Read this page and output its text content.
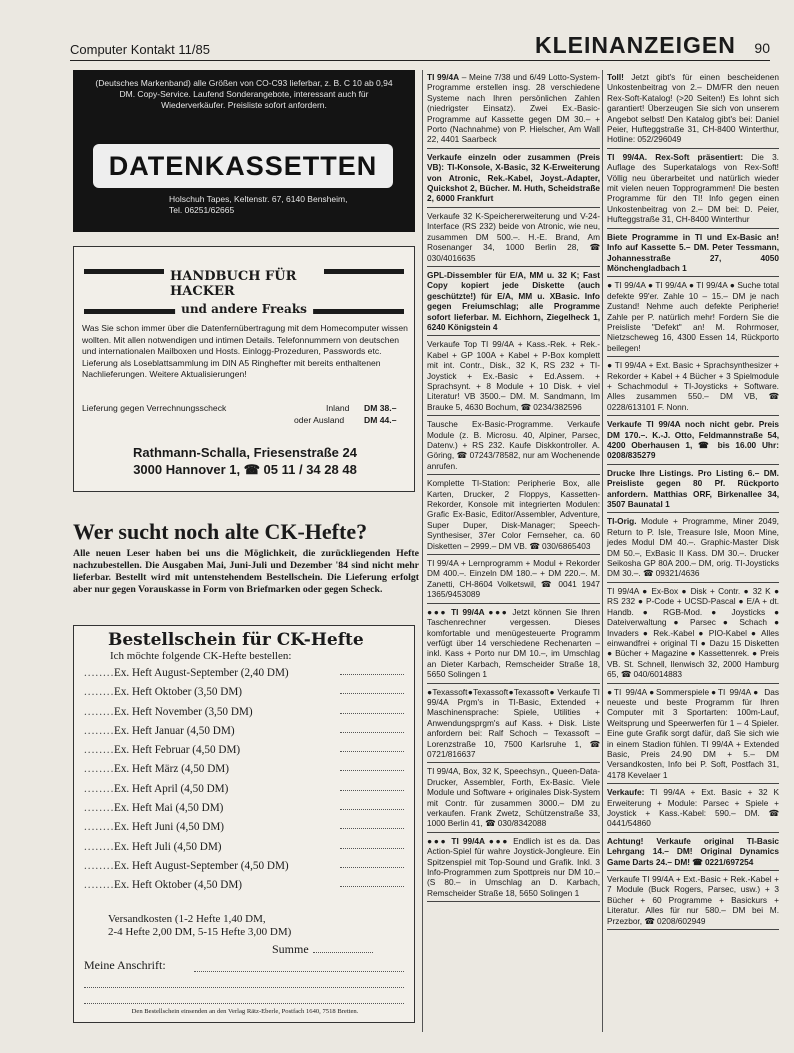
Computer Kontakt 11/85	KLEINANZEIGEN 90
(Deutsches Markenband) alle Größen von CO-C93 lieferbar, z. B. C 10 ab 0,94 DM. Copy-Service. Laufend Sonderangebote, interessant auch für Wiederverkäufer. Preisliste sofort anfordern.
DATENKASSETTEN
Holschuh Tapes, Keltenstr. 67, 6140 Bensheim,
Tel. 06251/62665
HANDBUCH FÜR HACKER
und andere Freaks
Was Sie schon immer über die Datenfernübertragung mit dem Homecomputer wissen wollten. Mit allen notwendigen und intimen Details. Telefonnummern von deutschen und internationalen Mailboxen und Hosts. Einlogg-Prozeduren, Passwords etc. Lieferung als Loseblattsammlung im DIN A5 Ringhefter mit bereits enthaltenen Nachlieferungen. Weitere Aktualisierungen!
Lieferung gegen Verrechnungsscheck	Inland DM 38.–
oder Ausland DM 44.–
Rathmann-Schalla, Friesenstraße 24
3000 Hannover 1, ☎ 05 11 / 34 28 48
Wer sucht noch alte CK-Hefte?

Alle neuen Leser haben bei uns die Möglichkeit, die zurückliegenden Hefte nachzubestellen. Die Ausgaben Mai, Juni-Juli und Dezember '84 sind nicht mehr lieferbar. Bestellt wird mit untenstehendem Bestellschein. Die Lieferung erfolgt aber nur gegen Vorauskasse in Form von Briefmarken oder gegen Scheck.

Bestellschein für CK-Hefte
Ich möchte folgende CK-Hefte bestellen:
........ Ex. Heft August-September (2,40 DM)
........ Ex. Heft Oktober (3,50 DM)
........ Ex. Heft November (3,50 DM)
........ Ex. Heft Januar (4,50 DM)
........ Ex. Heft Februar (4,50 DM)
........ Ex. Heft März (4,50 DM)
........ Ex. Heft April (4,50 DM)
........ Ex. Heft Mai (4,50 DM)
........ Ex. Heft Juni (4,50 DM)
........ Ex. Heft Juli (4,50 DM)
........ Ex. Heft August-September (4,50 DM)
........ Ex. Heft Oktober (4,50 DM)
Versandkosten (1-2 Hefte 1,40 DM,
2-4 Hefte 2,00 DM, 5-15 Hefte 3,00 DM)
Summe
Meine Anschrift:
Den Bestellschein einsenden an den Verlag Rätz-Eberle, Postfach 1640, 7518 Bretten.
TI 99/4A – Meine 7/38 und 6/49 Lotto-System-Programme erstellen insg. 28 verschiedene Systeme nach Ihren persönlichen Zahlen (niedrigster Einsatz). Zwei Ex.-Basic-Programme auf Kassette gegen DM 30.– + Porto (Nachnahme) von P. Hielscher, Am Wall 22, 4401 Saarbeck
Verkaufe einzeln oder zusammen (Preis VB): TI-Konsole, X-Basic, 32 K-Erweiterung von Atronic, Rek.-Kabel, Joyst.-Adapter, Quickshot 2, Bücher. M. Huth, Scheidstraße 2, 6000 Frankfurt
Verkaufe 32 K-Speichererweiterung und V-24-Interface (RS 232) beide von Atronic, wie neu, zusammen DM 500.–. H.-E. Brand, Am Rosenanger 34, 1000 Berlin 28, ☎ 030/4016635
GPL-Dissembler für E/A, MM u. 32 K; Fast Copy kopiert jede Diskette (auch geschützte!) für E/A, MM u. XBasic. Info gegen Freiumschlag; alle Programme sofort lieferbar. M. Eichhorn, Ziegelheck 1, 6240 Königstein 4
Verkaufe Top TI 99/4A + Kass.-Rek. + Rek.-Kabel + GP 100A + Kabel + P-Box komplett mit int. Contr., Disk., 32 K, RS 232 + TI-Joystick + Ex.-Basic + Ed.Assem. + Sprachsynt. + 8 Module + 10 Disk. + viel Literatur! VB 3500.– DM. M. Sandmann, Im Brauke 5, 4630 Bochum, ☎ 0234/382596
Tausche Ex-Basic-Programme. Verkaufe Module (z. B. Microsu. 40, Alpiner, Parsec, Datenv.) + RS 232. Kaufe Diskkontroller. A. Göring, ☎ 07243/78582, nur am Wochenende anrufen.
Komplette TI-Station: Peripherie Box, alle Karten, Drucker, 2 Floppys, Kassetten-Rekorder, Konsole mit integrierten Modulen: Grafic Ex-Basic, Editor/Assembler, Adventure, Super Duper, Disk-Manager; Speech-Synthesiser, 37er Color Fernseher, ca. 60 Disketten – 2999.– DM VB. ☎ 030/6865403
TI 99/4A + Lernprogramm + Modul + Rekorder DM 400.–. Einzeln DM 180.– + DM 220.–. M. Zanetti, CH-8604 Volketswil, ☎ 0041 1947 1365/9453089
●●● TI 99/4A ●●● Jetzt können Sie Ihren Taschenrechner vergessen. Dieses komfortable und menügesteuerte Programm verfügt über 14 verschiedene Rechenarten – inkl. Kass + Porto nur DM 10.–, im Umschlag an Dieter Karbach, Remscheider Straße 18, 5650 Solingen 1
●Texassoft●Texassoft●Texassoft● Verkaufe TI 99/4A Prgm's in TI-Basic, Extended + Maschinensprache: Spiele, Utilities + Anwendungsprgm's auf Kass. + Disk. Liste anfordern bei: Ralf Schoch – Texassoft – Lorenzstraße 10, 7500 Karlsruhe 1, ☎ 0721/816637
TI 99/4A, Box, 32 K, Speechsyn., Queen-Data-Drucker, Assembler, Forth, Ex-Basic. Viele Module und Software + originales Disk-System mit Contr. für zusammen 3000.– DM zu verkaufen. Frank Zwetz, Schützenstraße 33, 1000 Berlin 41, ☎ 030/8342088
●●● TI 99/4A ●●● Endlich ist es da. Das Action-Spiel für wahre Joystick-Jongleure. Ein Spitzenspiel mit Top-Sound und Grafik. Inkl. 3 Info-Programmen zum Spottpreis nur DM 10.– (S 80.– in Umschlag an D. Karbach, Remscheider Straße 18, 5650 Solingen 1
Toll! Jetzt gibt's für einen bescheidenen Unkostenbeitrag von 2.– DM/FR den neuen Rex-Soft-Katalog! (>20 Seiten!) Es lohnt sich garantiert! Überzeugen Sie sich von unserem Angebot selbst! Den Katalog gibt's bei: Daniel Peier, Hufteggstraße 31, CH-8400 Winterthur, Hotline: 052/296049
TI 99/4A. Rex-Soft präsentiert: Die 3. Auflage des Superkatalogs von Rex-Soft! Völlig neu überarbeitet und natürlich wieder mit vielen neuen Topprogrammen! Die besten Programme für den TI! Info gegen einen Unkostenbeitrag von 2.– DM bei: D. Peier, Hufteggstraße 31, CH-8400 Winterthur
Biete Programme in TI und Ex-Basic an! Info auf Kassette 5.– DM. Peter Tessmann, Johannesstraße 27, 4050 Mönchengladbach 1
● TI 99/4A ● TI 99/4A ● TI 99/4A ● Suche total defekte 99'er. Zahle 10 – 15.– DM je nach Zustand! Nehme auch defekte Peripherie! Zahle per P. natürlich mehr! Fordern Sie die Preisliste "Defekt" an! M. Rohrmoser, Nietzscheweg 16, 4300 Essen 14, Rückporto beilegen!
● TI 99/4A + Ext. Basic + Sprachsynthesizer + Rekorder + Kabel + 4 Bücher + 3 Spielmodule + Schachmodul + TI-Joysticks + Software. Alles zusammen 550.– DM VB, ☎ 0228/613101 F. Nonn.
Verkaufe TI 99/4A noch nicht gebr. Preis DM 170.–. K.-J. Otto, Feldmannstraße 54, 4200 Oberhausen 1, ☎ bis 16.00 Uhr: 0208/835279
Drucke Ihre Listings. Pro Listing 6.– DM. Preisliste gegen 80 Pf. Rückporto anfordern. Matthias ORF, Birkenallee 34, 3507 Baunatal 1
TI-Orig. Module + Programme, Miner 2049, Return to P. Isle, Treasure Isle, Moon Mine, jedes Modul DM 40.–. Graphic-Master Disk DM 50.–, ExBasic II Kass. DM 30.–. Drucker Seikosha GP 80A 200.– DM, orig. TI-Joysticks DM 30.–. ☎ 09321/4636
TI 99/4A ● Ex-Box ● Disk + Contr. ● 32 K ● RS 232 ● P-Code + UCSD-Pascal ● E/A + dt. Handb. ● RGB-Mod. ● Joysticks ● Dateiverwaltung ● Parsec ● Schach ● Invaders ● Rek.-Kabel ● PIO-Kabel ● Alles einwandfrei + original TI ● Dazu 15 Disketten ● Bücher + Magazine ● Kassettenrek. ● Preis VB. St. Schnell, Ilenwisch 32, 2000 Hamburg 65, ☎ 040/6014883
●TI 99/4A●Sommerspiele●TI 99/4A● Das neueste und beste Programm für Ihren Computer mit 3 Sportarten: 100m-Lauf, Weitsprung und Speerwerfen für 1 – 4 Spieler. Eine gute Grafik sorgt dafür, daß Sie sich wie in einem Stadion fühlen. TI 99/4A + Extended Basic, Preis 24.90 DM + 5.– DM Versandkosten, Info bei P. Soft, Postfach 31, 4178 Kevelaer 1
Verkaufe: TI 99/4A + Ext. Basic + 32 K Erweiterung + Module: Parsec + Spiele + Joystick + Kass.-Kabel: 590.– DM. ☎ 0441/54860
Achtung! Verkaufe original TI-Basic Lehrgang 14.– DM! Original Dynamics Game Darts 24.– DM! ☎ 0221/697254
Verkaufe TI 99/4A + Ext.-Basic + Rek.-Kabel + 7 Module (Buck Rogers, Parsec, usw.) + 3 Bücher + 60 Programme + Basickurs + Literatur. Alles für nur 580.– DM bei M. Przezbor, ☎ 0208/602949
